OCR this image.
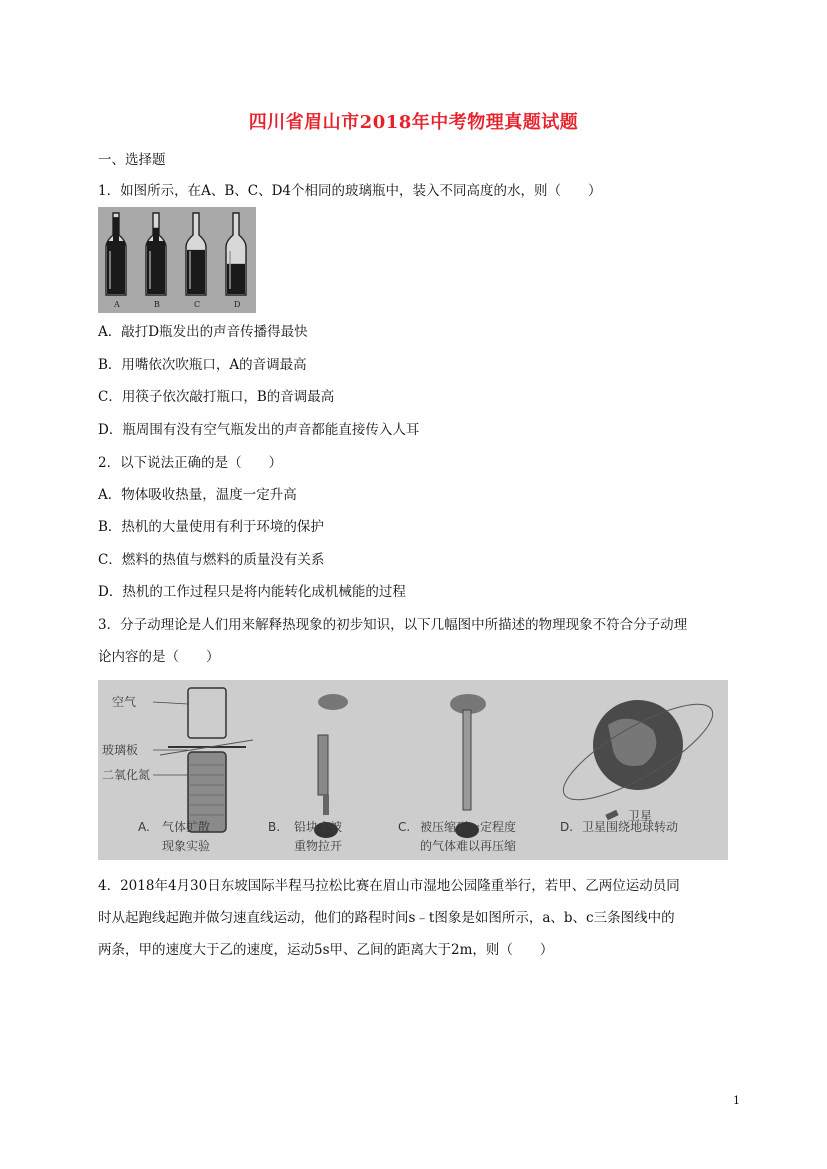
四川省眉山市2018年中考物理真题试题
一、选择题
1．如图所示，在A、B、C、D4个相同的玻璃瓶中，装入不同高度的水，则（　　）
A	B	C	D
A．敲打D瓶发出的声音传播得最快
B．用嘴依次吹瓶口，A的音调最高
C．用筷子依次敲打瓶口，B的音调最高
D．瓶周围有没有空气瓶发出的声音都能直接传入人耳
2．以下说法正确的是（　　）
A．物体吸收热量，温度一定升高
B．热机的大量使用有利于环境的保护
C．燃料的热值与燃料的质量没有关系
D．热机的工作过程只是将内能转化成机械能的过程
3．分子动理论是人们用来解释热现象的初步知识，以下几幅图中所描述的物理现象不符合分子动理
论内容的是（　　）
空气
玻璃板
二氧化氮
卫星
A. 气体扩散
现象实验
B. 铅块未被
重物拉开
C. 被压缩到一定程度
的气体难以再压缩
D. 卫星围绕地球转动
4．2018年4月30日东坡国际半程马拉松比赛在眉山市湿地公园隆重举行，若甲、乙两位运动员同
时从起跑线起跑并做匀速直线运动，他们的路程时间s﹣t图象是如图所示，a、b、c三条图线中的
两条，甲的速度大于乙的速度，运动5s甲、乙间的距离大于2m，则（　　）
1
